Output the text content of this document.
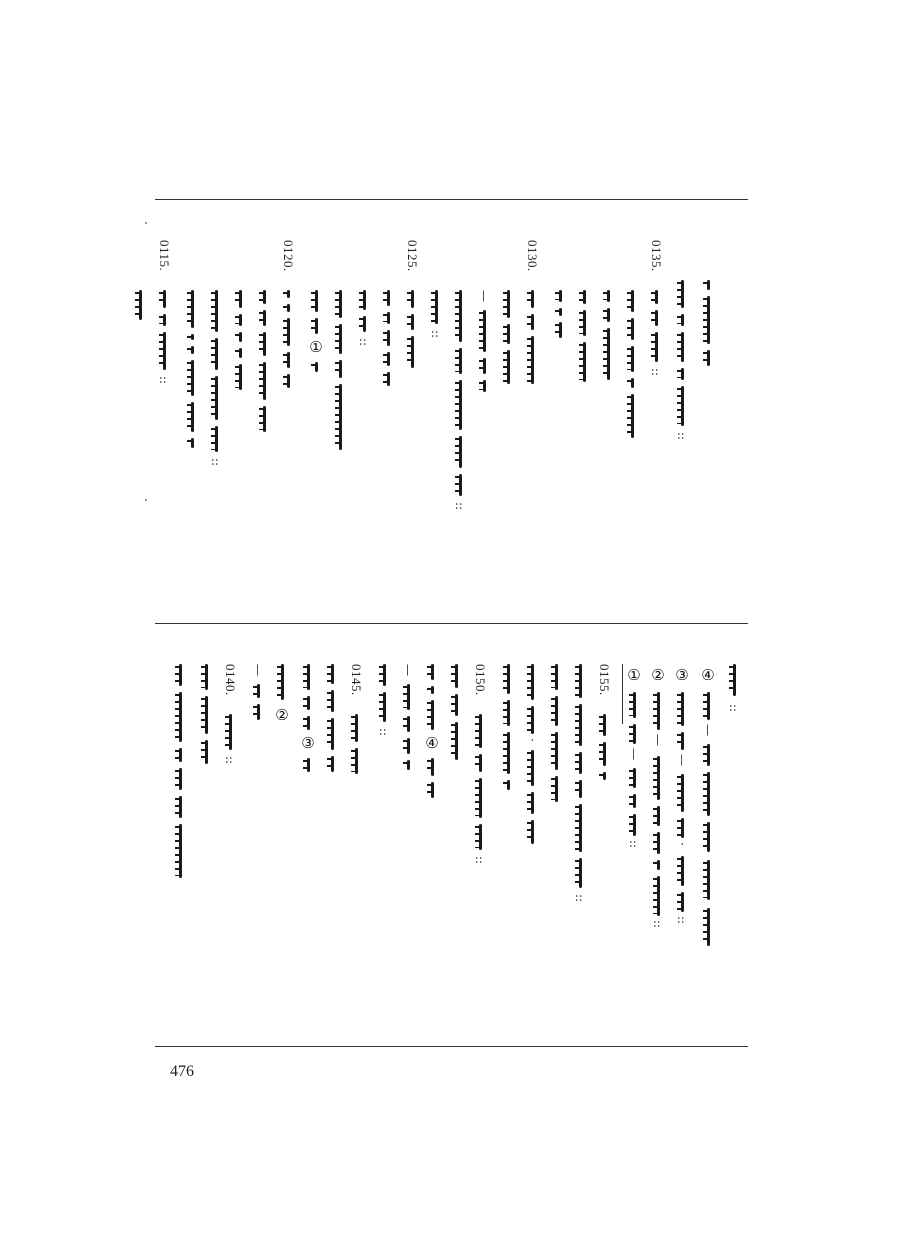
::
④
—
③
—
·
::
②
—
::
①
—
::
0155.
::
·
0150.
::
④
—
::
0145.
③
②
—
0140.
::
::
0135.
::
0130.
—
::
::
0125.
::
①
0120.
::
0115.
::
476
